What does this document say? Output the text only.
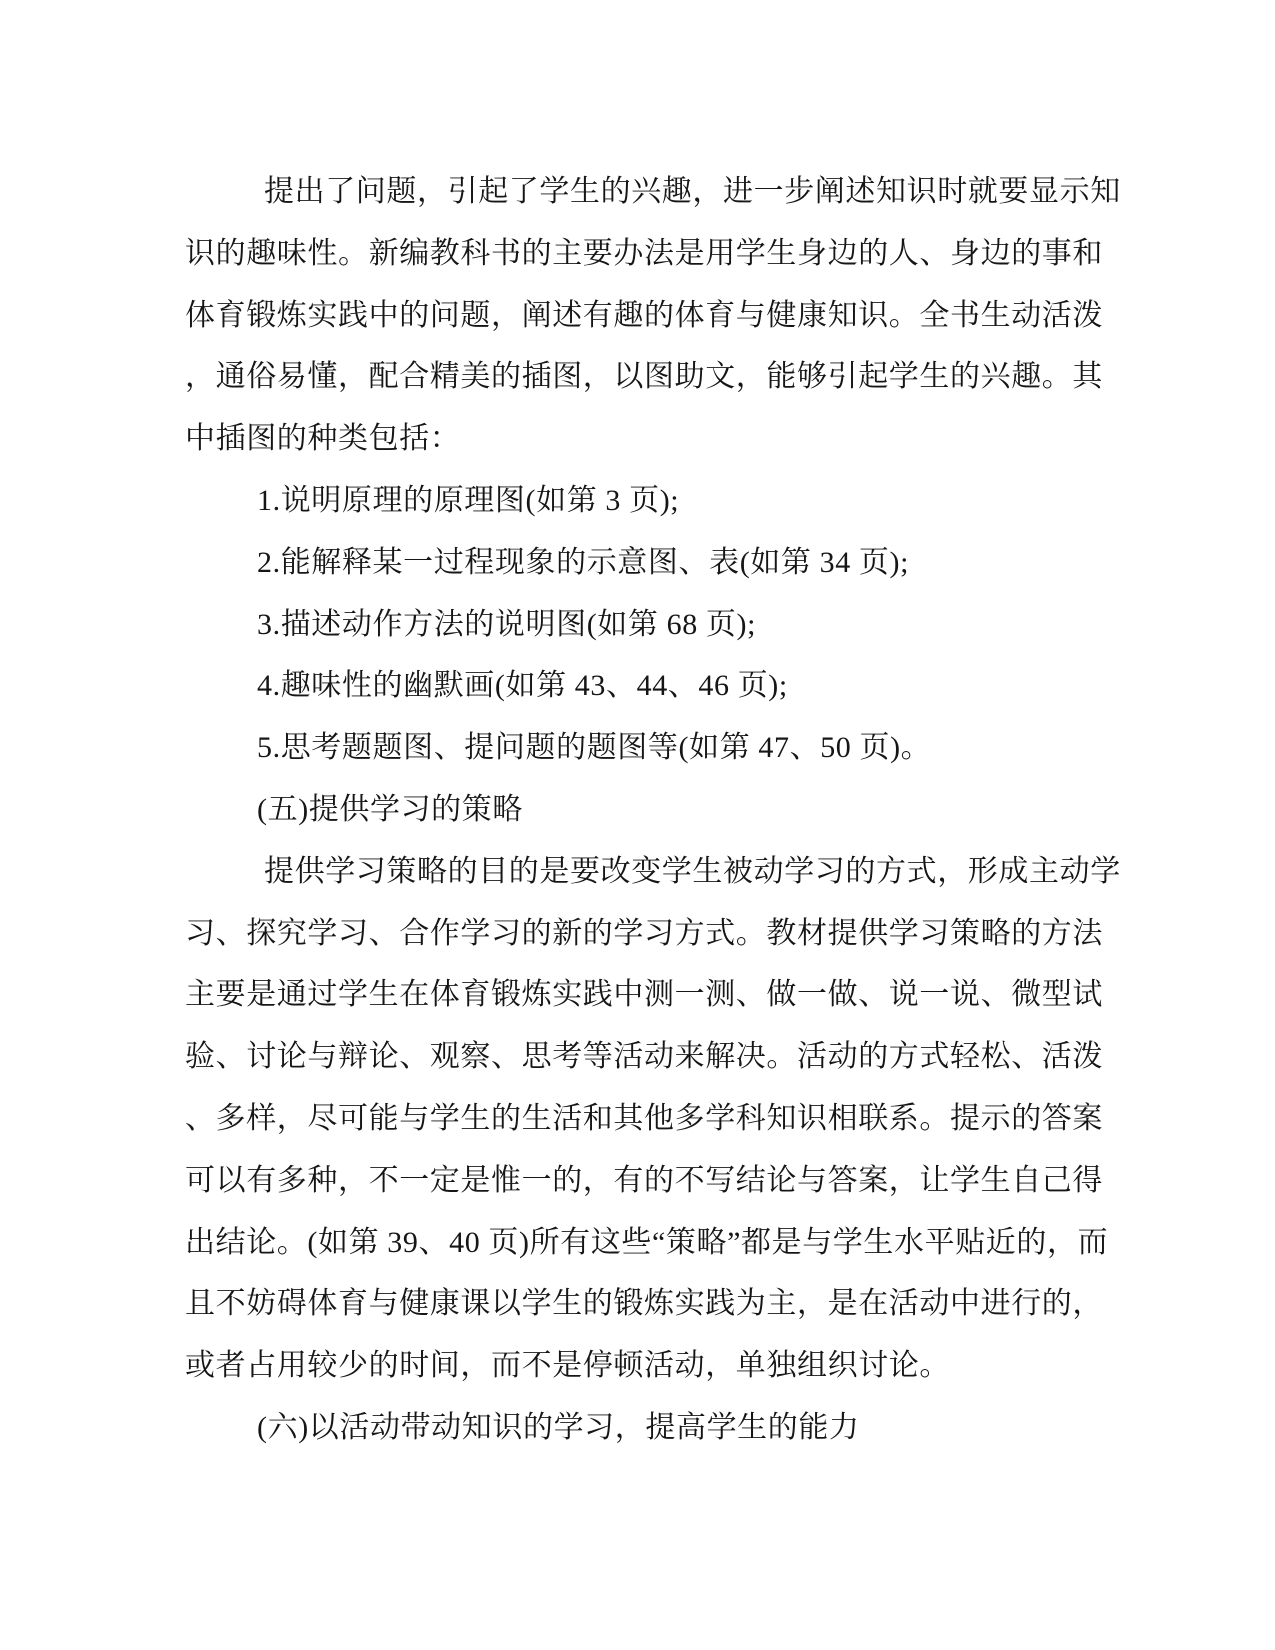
提出了问题，引起了学生的兴趣，进一步阐述知识时就要显示知
识的趣味性。新编教科书的主要办法是用学生身边的人、身边的事和
体育锻炼实践中的问题，阐述有趣的体育与健康知识。全书生动活泼
，通俗易懂，配合精美的插图，以图助文，能够引起学生的兴趣。其
中插图的种类包括：
1.说明原理的原理图(如第 3 页);
2.能解释某一过程现象的示意图、表(如第 34 页);
3.描述动作方法的说明图(如第 68 页);
4.趣味性的幽默画(如第 43、44、46 页);
5.思考题题图、提问题的题图等(如第 47、50 页)。
(五)提供学习的策略
提供学习策略的目的是要改变学生被动学习的方式，形成主动学
习、探究学习、合作学习的新的学习方式。教材提供学习策略的方法
主要是通过学生在体育锻炼实践中测一测、做一做、说一说、微型试
验、讨论与辩论、观察、思考等活动来解决。活动的方式轻松、活泼
、多样，尽可能与学生的生活和其他多学科知识相联系。提示的答案
可以有多种，不一定是惟一的，有的不写结论与答案，让学生自己得
出结论。(如第 39、40 页)所有这些“策略”都是与学生水平贴近的，而
且不妨碍体育与健康课以学生的锻炼实践为主，是在活动中进行的，
或者占用较少的时间，而不是停顿活动，单独组织讨论。
(六)以活动带动知识的学习，提高学生的能力
